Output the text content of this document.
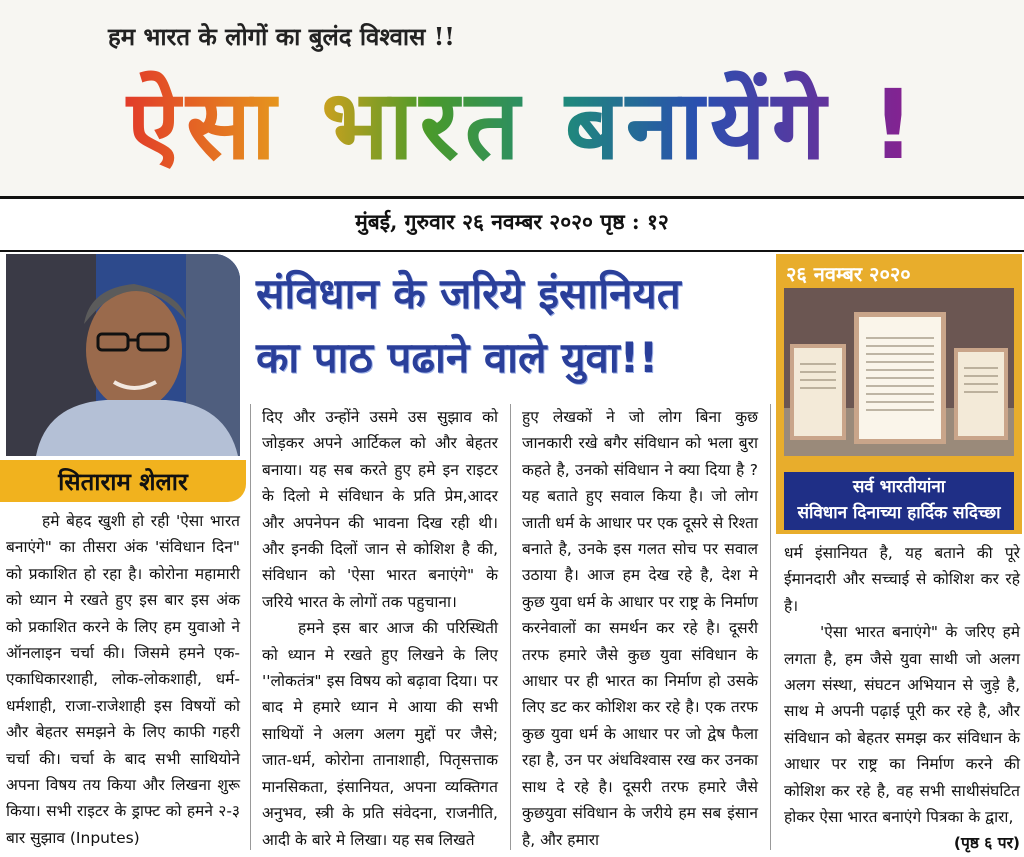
हम भारत के लोगों का बुलंद विश्वास !!
ऐसा भारत बनायेंगे !
मुंबई, गुरुवार २६ नवम्बर २०२० पृष्ठ : १२
सिताराम शेलार
संविधान के जरिये इंसानियत
का पाठ पढाने वाले युवा!!
२६ नवम्बर २०२०
सर्व भारतीयांना
संविधान दिनाच्या हार्दिक सदिच्छा

हमे बेहद खुशी हो रही 'ऐसा भारत बनाएंगे" का तीसरा अंक 'संविधान दिन" को प्रकाशित हो रहा है। कोरोना महामारी को ध्यान मे रखते हुए इस बार इस अंक को प्रकाशित करने के लिए हम युवाओ ने ऑनलाइन चर्चा की। जिसमे हमने एक-एकाधिकारशाही, लोक-लोकशाही, धर्म-धर्मशाही, राजा-राजेशाही इस विषयों को और बेहतर समझने के लिए काफी गहरी चर्चा की। चर्चा के बाद सभी साथियोने अपना विषय तय किया और लिखना शुरू किया। सभी राइटर के ड्राफ्ट को हमने २-३ बार सुझाव (Inputes)

दिए और उन्होंने उसमे उस सुझाव को जोड़कर अपने आर्टिकल को और बेहतर बनाया। यह सब करते हुए हमे इन राइटर के दिलो मे संविधान के प्रति प्रेम,आदर और अपनेपन की भावना दिख रही थी। और इनकी दिलों जान से कोशिश है की, संविधान को 'ऐसा भारत बनाएंगे" के जरिये भारत के लोगों तक पहुचाना।

हमने इस बार आज की परिस्थिती को ध्यान मे रखते हुए लिखने के लिए ''लोकतंत्र" इस विषय को बढ़ावा दिया। पर बाद मे हमारे ध्यान मे आया की सभी साथियों ने अलग अलग मुद्दों पर जैसे; जात-धर्म, कोरोना तानाशाही, पितृसत्ताक मानसिकता, इंसानियत, अपना व्यक्तिगत अनुभव, स्त्री के प्रति संवेदना, राजनीति, आदी के बारे मे लिखा। यह सब लिखते

हुए लेखकों ने जो लोग बिना कुछ जानकारी रखे बगैर संविधान को भला बुरा कहते है, उनको संविधान ने क्या दिया है ?यह बताते हुए सवाल किया है। जो लोग जाती धर्म के आधार पर एक दूसरे से रिश्ता बनाते है, उनके इस गलत सोच पर सवाल उठाया है। आज हम देख रहे है, देश मे कुछ युवा धर्म के आधार पर राष्ट्र के निर्माण करनेवालों का समर्थन कर रहे है। दूसरी तरफ हमारे जैसे कुछ युवा संविधान के आधार पर ही भारत का निर्माण हो उसके लिए डट कर कोशिश कर रहे है। एक तरफ कुछ युवा धर्म के आधार पर जो द्वेष फैला रहा है, उन पर अंधविश्वास रख कर उनका साथ दे रहे है। दूसरी तरफ हमारे जैसे कुछयुवा संविधान के जरीये हम सब इंसान है, और हमारा

धर्म इंसानियत है, यह बताने की पूरे ईमानदारी और सच्चाई से कोशिश कर रहे है।

'ऐसा भारत बनाएंगे" के जरिए हमे लगता है, हम जैसे युवा साथी जो अलग अलग संस्था, संघटन अभियान से जुड़े है, साथ मे अपनी पढ़ाई पूरी कर रहे है, और संविधान को बेहतर समझ कर संविधान के आधार पर राष्ट्र का निर्माण करने की कोशिश कर रहे है, वह सभी साथीसंघटित होकर ऐसा भारत बनाएंगे पित्रका के द्वारा,

(पृष्ठ ६ पर)
